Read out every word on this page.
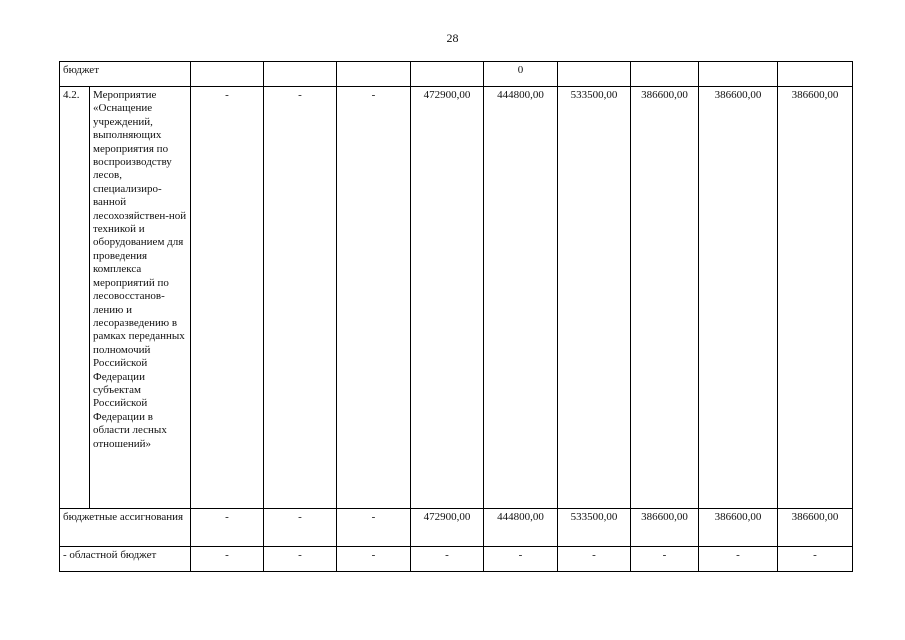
28
бюджет						0				
4.2.	Мероприятие «Оснащение учреждений, выполняющих мероприятия по воспроизводству лесов, специализиро-ванной лесохозяйствен-ной техникой и оборудованием для проведения комплекса мероприятий по лесовосстанов-лению и лесоразведению в рамках переданных полномочий Российской Федерации субъектам Российской Федерации в области лесных отношений»	-	-	-	472900,00	444800,00	533500,00	386600,00	386600,00	386600,00
бюджетные ассигнования		-	-	-	472900,00	444800,00	533500,00	386600,00	386600,00	386600,00
- областной бюджет		-	-	-	-	-	-	-	-	-
